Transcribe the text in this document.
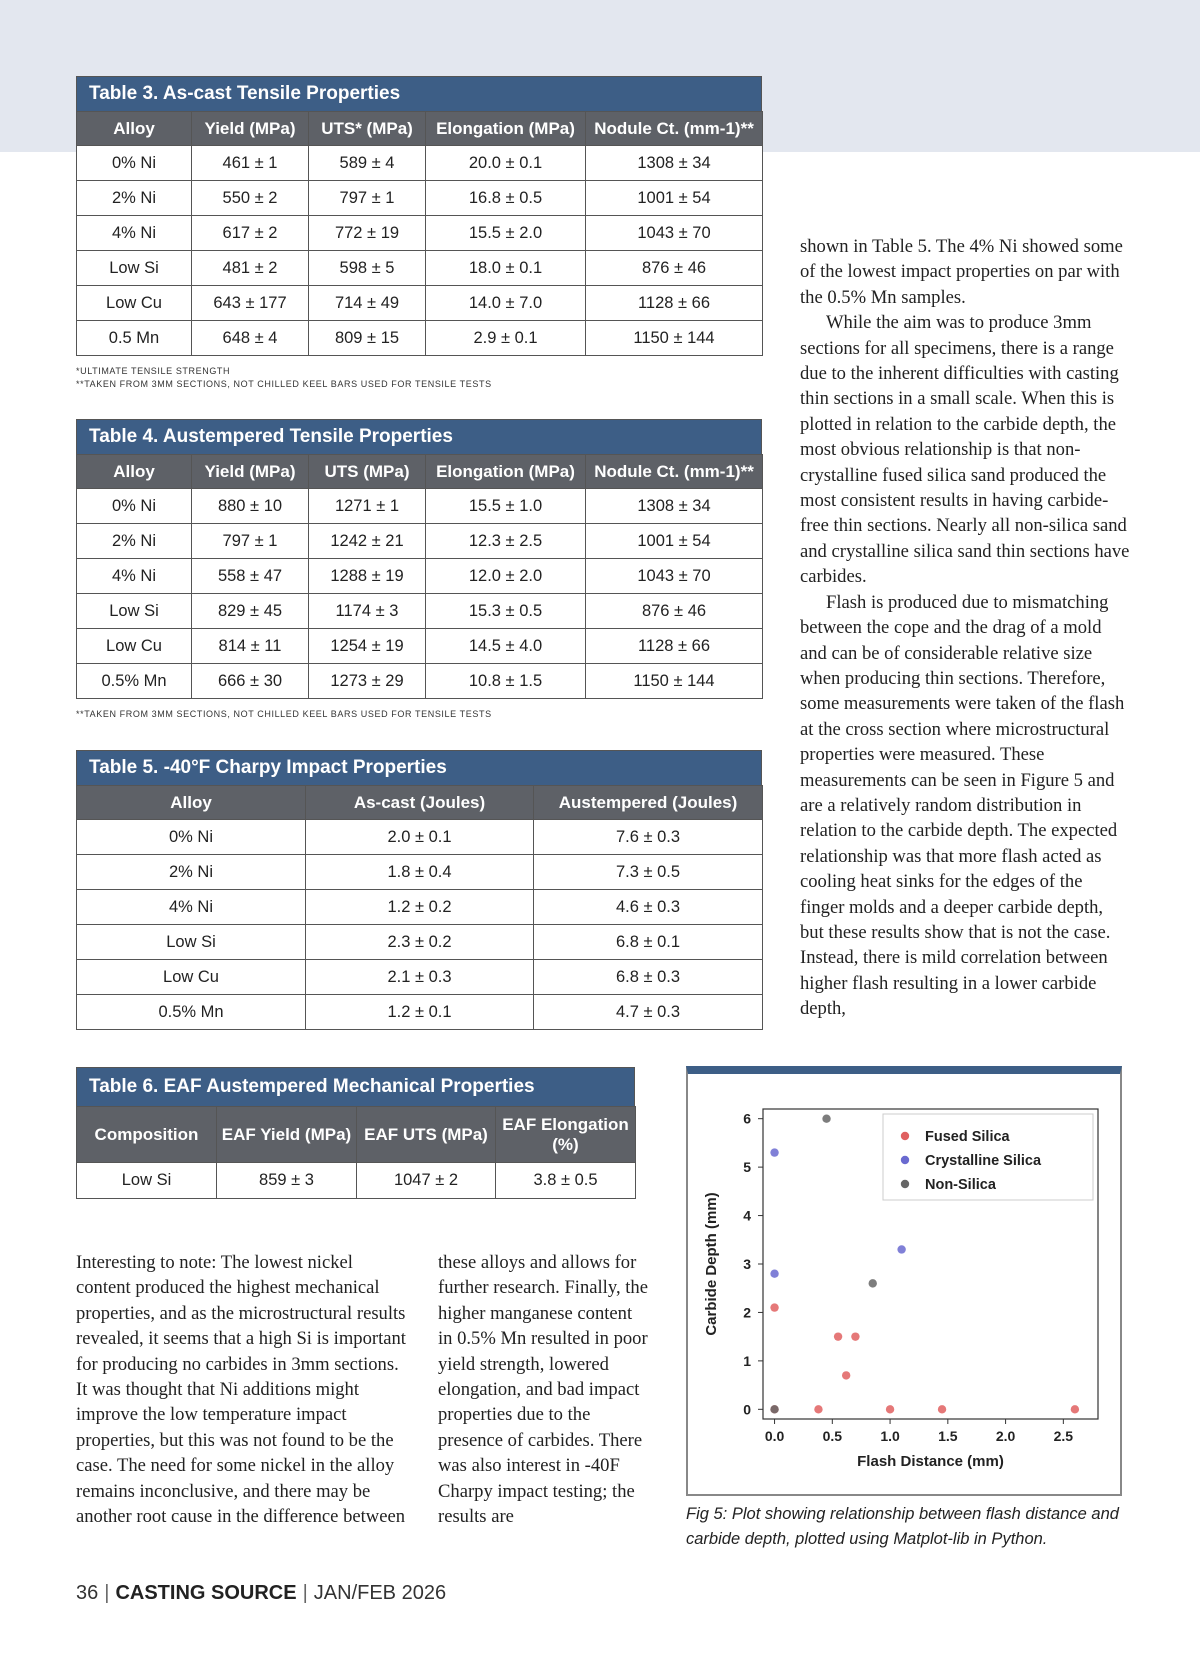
Table 3. As-cast Tensile Properties
Alloy	Yield (MPa)	UTS* (MPa)	Elongation (MPa)	Nodule Ct. (mm-1)**
0% Ni	461 ± 1	589 ± 4	20.0 ± 0.1	1308 ± 34
2% Ni	550 ± 2	797 ± 1	16.8 ± 0.5	1001 ± 54
4% Ni	617 ± 2	772 ± 19	15.5 ± 2.0	1043 ± 70
Low Si	481 ± 2	598 ± 5	18.0 ± 0.1	876 ± 46
Low Cu	643 ± 177	714 ± 49	14.0 ± 7.0	1128 ± 66
0.5 Mn	648 ± 4	809 ± 15	2.9 ± 0.1	1150 ± 144
*ULTIMATE TENSILE STRENGTH
**TAKEN FROM 3MM SECTIONS, NOT CHILLED KEEL BARS USED FOR TENSILE TESTS
Table 4. Austempered Tensile Properties
Alloy	Yield (MPa)	UTS (MPa)	Elongation (MPa)	Nodule Ct. (mm-1)**
0% Ni	880 ± 10	1271 ± 1	15.5 ± 1.0	1308 ± 34
2% Ni	797 ± 1	1242 ± 21	12.3 ± 2.5	1001 ± 54
4% Ni	558 ± 47	1288 ± 19	12.0 ± 2.0	1043 ± 70
Low Si	829 ± 45	1174 ± 3	15.3 ± 0.5	876 ± 46
Low Cu	814 ± 11	1254 ± 19	14.5 ± 4.0	1128 ± 66
0.5% Mn	666 ± 30	1273 ± 29	10.8 ± 1.5	1150 ± 144
**TAKEN FROM 3MM SECTIONS, NOT CHILLED KEEL BARS USED FOR TENSILE TESTS
Table 5. -40°F Charpy Impact Properties
Alloy	As-cast (Joules)	Austempered (Joules)
0% Ni	2.0 ± 0.1	7.6 ± 0.3
2% Ni	1.8 ± 0.4	7.3 ± 0.5
4% Ni	1.2 ± 0.2	4.6 ± 0.3
Low Si	2.3 ± 0.2	6.8 ± 0.1
Low Cu	2.1 ± 0.3	6.8 ± 0.3
0.5% Mn	1.2 ± 0.1	4.7 ± 0.3
Table 6. EAF Austempered Mechanical Properties
Composition	EAF Yield (MPa)	EAF UTS (MPa)	EAF Elongation (%)
Low Si	859 ± 3	1047 ± 2	3.8 ± 0.5

shown in Table 5. The 4% Ni showed some of the lowest impact properties on par with the 0.5% Mn samples.

While the aim was to produce 3mm sections for all specimens, there is a range due to the inherent difficulties with casting thin sections in a small scale. When this is plotted in relation to the carbide depth, the most obvious relationship is that non-crystalline fused silica sand produced the most consistent results in having carbide-free thin sections. Nearly all non-silica sand and crystalline silica sand thin sections have carbides.

Flash is produced due to mismatching between the cope and the drag of a mold and can be of considerable relative size when producing thin sections. Therefore, some measurements were taken of the flash at the cross section where microstructural properties were measured. These measurements can be seen in Figure 5 and are a relatively random distribution in relation to the carbide depth. The expected relationship was that more flash acted as cooling heat sinks for the edges of the finger molds and a deeper carbide depth, but these results show that is not the case. Instead, there is mild correlation between higher flash resulting in a lower carbide depth,

Interesting to note: The lowest nickel content produced the highest mechanical properties, and as the microstructural results revealed, it seems that a high Si is important for producing no carbides in 3mm sections. It was thought that Ni additions might improve the low temperature impact properties, but this was not found to be the case. The need for some nickel in the alloy remains inconclusive, and there may be another root cause in the difference between

these alloys and allows for further research. Finally, the higher manganese content in 0.5% Mn resulted in poor yield strength, lowered elongation, and bad impact properties due to the presence of carbides. There was also interest in -40F Charpy impact testing; the results are

0.0	0.5	1.0	1.5	2.0	2.5
0
1
2
3
4
5
6
Flash Distance (mm)
Carbide Depth (mm)
Fused Silica
Crystalline Silica
Non-Silica
Fig 5: Plot showing relationship between flash distance and carbide depth, plotted using Matplot-lib in Python.
36 | CASTING SOURCE | JAN/FEB 2026
